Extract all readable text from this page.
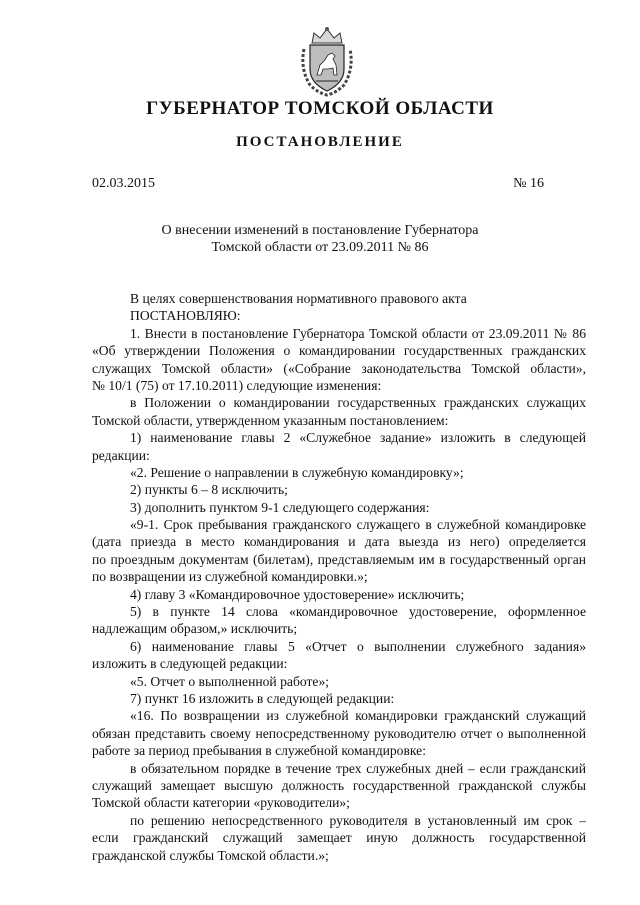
ГУБЕРНАТОР ТОМСКОЙ ОБЛАСТИ
ПОСТАНОВЛЕНИЕ
02.03.2015	№ 16
О внесении изменений в постановление Губернатора
Томской области от 23.09.2011 № 86
В целях совершенствования нормативного правового акта
ПОСТАНОВЛЯЮ:
1. Внести в постановление Губернатора Томской области от 23.09.2011 № 86
«Об утверждении Положения о командировании государственных гражданских
служащих Томской области» («Собрание законодательства Томской области»,
№ 10/1 (75) от 17.10.2011) следующие изменения:
в Положении о командировании государственных гражданских служащих
Томской области, утвержденном указанным постановлением:
1) наименование главы 2 «Служебное задание» изложить в следующей
редакции:
«2. Решение о направлении в служебную командировку»;
2) пункты 6 – 8 исключить;
3) дополнить пунктом 9-1 следующего содержания:
«9-1. Срок пребывания гражданского служащего в служебной командировке
(дата приезда в место командирования и дата выезда из него) определяется
по проездным документам (билетам), представляемым им в государственный орган
по возвращении из служебной командировки.»;
4) главу 3 «Командировочное удостоверение» исключить;
5) в пункте 14 слова «командировочное удостоверение, оформленное
надлежащим образом,» исключить;
6) наименование главы 5 «Отчет о выполнении служебного задания»
изложить в следующей редакции:
«5. Отчет о выполненной работе»;
7) пункт 16 изложить в следующей редакции:
«16. По возвращении из служебной командировки гражданский служащий
обязан представить своему непосредственному руководителю отчет о выполненной
работе за период пребывания в служебной командировке:
в обязательном порядке в течение трех служебных дней – если гражданский
служащий замещает высшую должность государственной гражданской службы
Томской области категории «руководители»;
по решению непосредственного руководителя в установленный им срок –
если гражданский служащий замещает иную должность государственной
гражданской службы Томской области.»;
